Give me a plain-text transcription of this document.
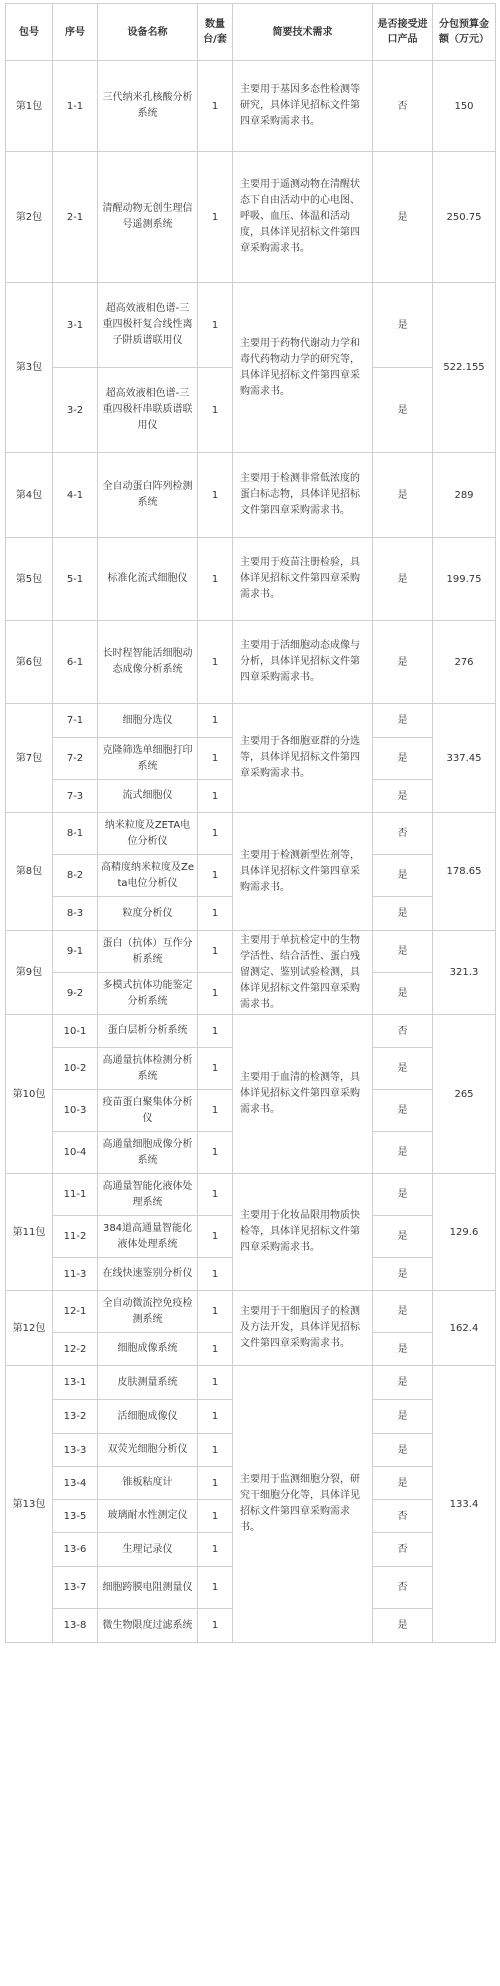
包号	序号	设备名称	数量台/套	简要技术需求	是否接受进口产品	分包预算金额（万元）
第1包	1-1	三代纳米孔核酸分析系统	1	主要用于基因多态性检测等研究，具体详见招标文件第四章采购需求书。	否	150
第2包	2-1	清醒动物无创生理信号遥测系统	1	主要用于遥测动物在清醒状态下自由活动中的心电图、呼吸、血压、体温和活动度，具体详见招标文件第四章采购需求书。	是	250.75
第3包	3-1	超高效液相色谱-三重四极杆复合线性离子阱质谱联用仪	1	主要用于药物代谢动力学和毒代药物动力学的研究等，具体详见招标文件第四章采购需求书。	是	522.155
	3-2	超高效液相色谱-三重四极杆串联质谱联用仪	1		是	
第4包	4-1	全自动蛋白阵列检测系统	1	主要用于检测非常低浓度的蛋白标志物，具体详见招标文件第四章采购需求书。	是	289
第5包	5-1	标准化流式细胞仪	1	主要用于疫苗注册检验，具体详见招标文件第四章采购需求书。	是	199.75
第6包	6-1	长时程智能活细胞动态成像分析系统	1	主要用于活细胞动态成像与分析，具体详见招标文件第四章采购需求书。	是	276
第7包	7-1	细胞分选仪	1	主要用于各细胞亚群的分选等，具体详见招标文件第四章采购需求书。	是	337.45
	7-2	克隆筛选单细胞打印系统	1		是	
	7-3	流式细胞仪	1		是	
第8包	8-1	纳米粒度及ZETA电位分析仪	1	主要用于检测新型佐剂等，具体详见招标文件第四章采购需求书。	否	178.65
	8-2	高精度纳米粒度及Zeta电位分析仪	1		是	
	8-3	粒度分析仪	1		是	
第9包	9-1	蛋白（抗体）互作分析系统	1	主要用于单抗检定中的生物学活性、结合活性、蛋白残留测定、鉴别试验检测，具体详见招标文件第四章采购需求书。	是	321.3
	9-2	多模式抗体功能鉴定分析系统	1		是	
第10包	10-1	蛋白层析分析系统	1	主要用于血清的检测等，具体详见招标文件第四章采购需求书。	否	265
	10-2	高通量抗体检测分析系统	1		是	
	10-3	疫苗蛋白聚集体分析仪	1		是	
	10-4	高通量细胞成像分析系统	1		是	
第11包	11-1	高通量智能化液体处理系统	1	主要用于化妆品限用物质快检等，具体详见招标文件第四章采购需求书。	是	129.6
	11-2	384道高通量智能化液体处理系统	1		是	
	11-3	在线快速鉴别分析仪	1		是	
第12包	12-1	全自动微流控免疫检测系统	1	主要用于干细胞因子的检测及方法开发，具体详见招标文件第四章采购需求书。	是	162.4
	12-2	细胞成像系统	1		是	
第13包	13-1	皮肤测量系统	1	主要用于监测细胞分裂，研究干细胞分化等，具体详见招标文件第四章采购需求书。	是	133.4
	13-2	活细胞成像仪	1		是	
	13-3	双荧光细胞分析仪	1		是	
	13-4	锥板粘度计	1		是	
	13-5	玻璃耐水性测定仪	1		否	
	13-6	生理记录仪	1		否	
	13-7	细胞跨膜电阻测量仪	1		否	
	13-8	微生物限度过滤系统	1		是	
